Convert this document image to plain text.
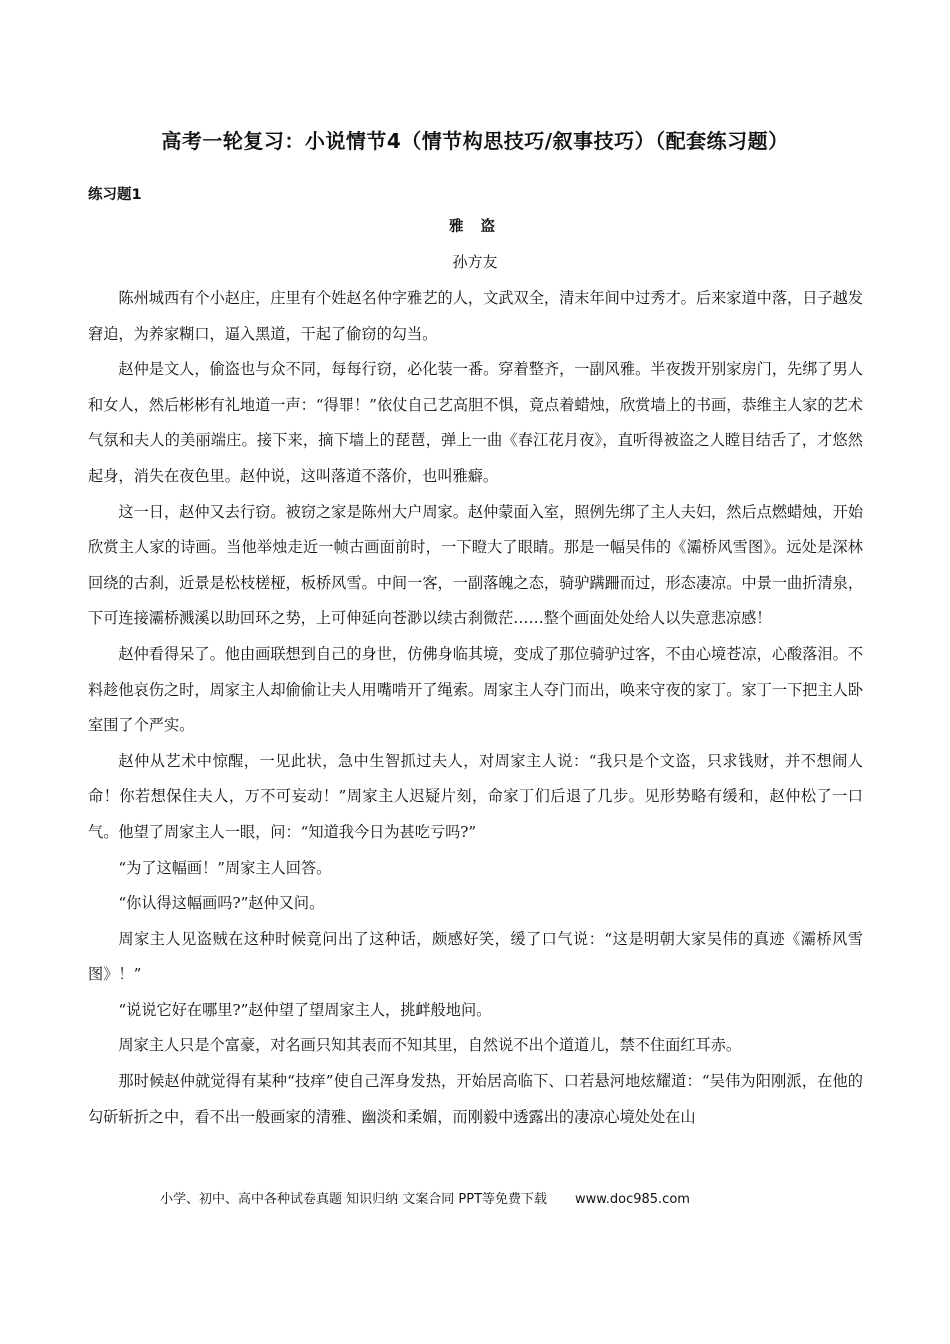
高考一轮复习：小说情节4（情节构思技巧/叙事技巧）（配套练习题）
练习题1
雅 盗
孙方友

陈州城西有个小赵庄，庄里有个姓赵名仲字雅艺的人，文武双全，清末年间中过秀才。后来家道中落，日子越发窘迫，为养家糊口，逼入黑道，干起了偷窃的勾当。

赵仲是文人，偷盗也与众不同，每每行窃，必化装一番。穿着整齐，一副风雅。半夜拨开别家房门，先绑了男人和女人，然后彬彬有礼地道一声：“得罪！”依仗自己艺高胆不惧，竟点着蜡烛，欣赏墙上的书画，恭维主人家的艺术气氛和夫人的美丽端庄。接下来，摘下墙上的琵琶，弹上一曲《春江花月夜》，直听得被盗之人瞠目结舌了，才悠然起身，消失在夜色里。赵仲说，这叫落道不落价，也叫雅癖。

这一日，赵仲又去行窃。被窃之家是陈州大户周家。赵仲蒙面入室，照例先绑了主人夫妇，然后点燃蜡烛，开始欣赏主人家的诗画。当他举烛走近一帧古画面前时，一下瞪大了眼睛。那是一幅吴伟的《灞桥风雪图》。远处是深林回绕的古刹，近景是松枝槎桠，板桥风雪。中间一客，一副落魄之态，骑驴蹒跚而过，形态凄凉。中景一曲折清泉，下可连接灞桥溅溪以助回环之势，上可伸延向苍渺以续古刹微茫……整个画面处处给人以失意悲凉感！

赵仲看得呆了。他由画联想到自己的身世，仿佛身临其境，变成了那位骑驴过客，不由心境苍凉，心酸落泪。不料趁他哀伤之时，周家主人却偷偷让夫人用嘴啃开了绳索。周家主人夺门而出，唤来守夜的家丁。家丁一下把主人卧室围了个严实。

赵仲从艺术中惊醒，一见此状，急中生智抓过夫人，对周家主人说：“我只是个文盗，只求钱财，并不想闹人命！你若想保住夫人，万不可妄动！”周家主人迟疑片刻，命家丁们后退了几步。见形势略有缓和，赵仲松了一口气。他望了周家主人一眼，问：“知道我今日为甚吃亏吗?”

“为了这幅画！”周家主人回答。

“你认得这幅画吗?”赵仲又问。

周家主人见盗贼在这种时候竟问出了这种话，颇感好笑，缓了口气说：“这是明朝大家吴伟的真迹《灞桥风雪图》！”

“说说它好在哪里?”赵仲望了望周家主人，挑衅般地问。

周家主人只是个富豪，对名画只知其表而不知其里，自然说不出个道道儿，禁不住面红耳赤。

那时候赵仲就觉得有某种“技痒”使自己浑身发热，开始居高临下、口若悬河地炫耀道：“吴伟为阳刚派，在他的勾斫斩折之中，看不出一般画家的清雅、幽淡和柔媚，而刚毅中透露出的凄凉心境处处在山

小学、初中、高中各种试卷真题 知识归纳 文案合同 PPT等免费下载 www.doc985.com
